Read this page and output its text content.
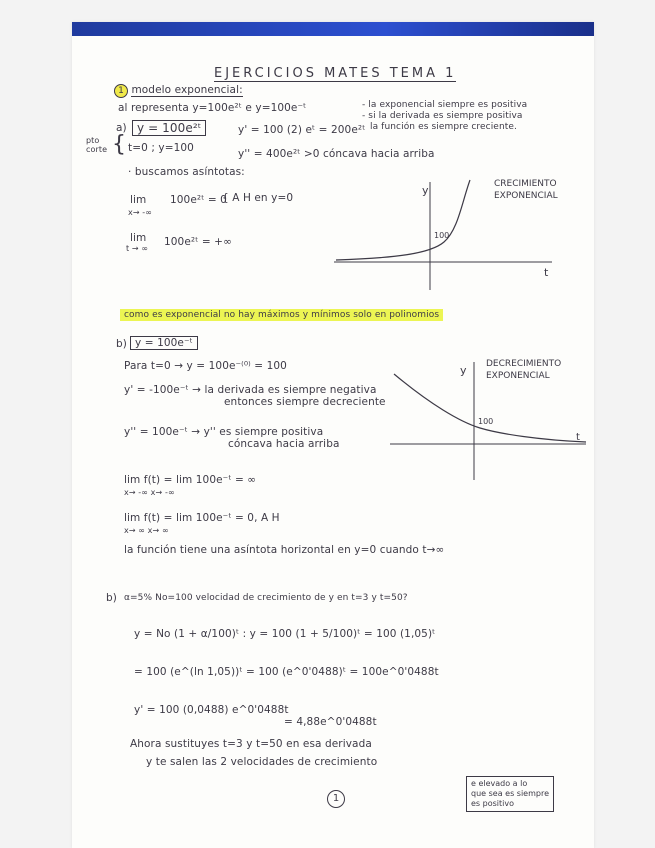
EJERCICIOS MATES TEMA 1
1 modelo exponencial:
al representa y=100e²ᵗ e y=100e⁻ᵗ	- la exponencial siempre es positiva
- si la derivada es siempre positiva
la función es siempre creciente.
a) y = 100e²ᵗ	y' = 100 (2) eᵗ = 200e²ᵗ
pto corte { t=0 ; y=100	y'' = 400e²ᵗ >0 cóncava hacia arriba
· buscamos asíntotas:
lim
x→ -∞
100e²ᵗ = 0
{ A H en y=0
lim
t → ∞
100e²ᵗ = +∞
y
t
100
CRECIMIENTO
EXPONENCIAL
como es exponencial no hay máximos y mínimos solo en polinomios
b) y = 100e⁻ᵗ
Para t=0 → y = 100e⁻⁽⁰⁾ = 100
y' = -100e⁻ᵗ → la derivada es siempre negativa
entonces siempre decreciente
y'' = 100e⁻ᵗ → y'' es siempre positiva
cóncava hacia arriba
lim f(t) = lim 100e⁻ᵗ = ∞
x→ -∞ x→ -∞
lim f(t) = lim 100e⁻ᵗ = 0, A H
x→ ∞ x→ ∞
la función tiene una asíntota horizontal en y=0 cuando t→∞
y
t
100
DECRECIMIENTO
EXPONENCIAL
b) α=5% No=100 velocidad de crecimiento de y en t=3 y t=50?
y = No (1 + α/100)ᵗ : y = 100 (1 + 5/100)ᵗ = 100 (1,05)ᵗ
= 100 (e^(ln 1,05))ᵗ = 100 (e^0'0488)ᵗ = 100e^0'0488t
y' = 100 (0,0488) e^0'0488t
= 4,88e^0'0488t
Ahora sustituyes t=3 y t=50 en esa derivada
y te salen las 2 velocidades de crecimiento
1
e elevado a lo
que sea es siempre
es positivo
